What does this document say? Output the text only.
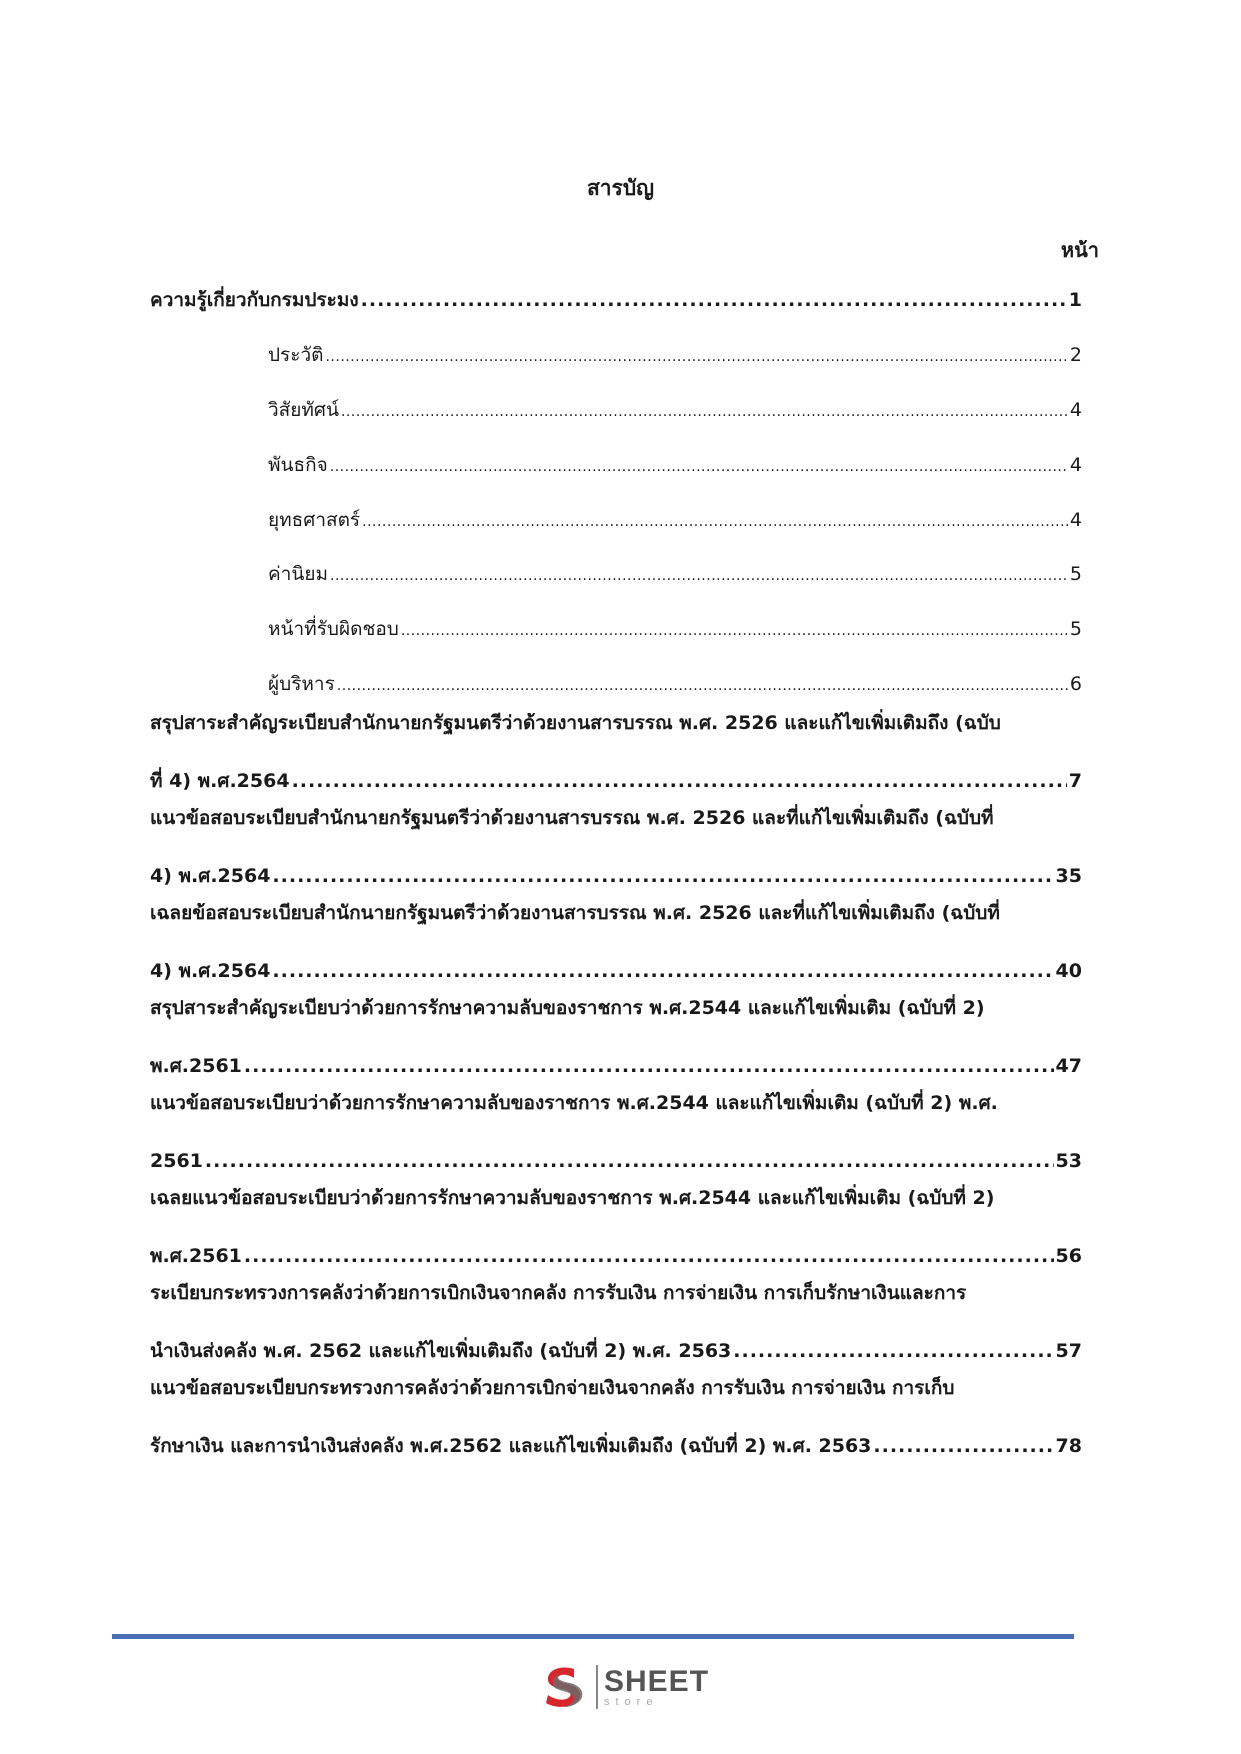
สารบัญ
หน้า
ความรู้เกี่ยวกับกรมประมง .....	1
ประวัติ .....	2
วิสัยทัศน์ .....	4
พันธกิจ .....	4
ยุทธศาสตร์ .....	4
ค่านิยม .....	5
หน้าที่รับผิดชอบ .....	5
ผู้บริหาร .....	6
สรุปสาระสำคัญระเบียบสำนักนายกรัฐมนตรีว่าด้วยงานสารบรรณ พ.ศ. 2526 และแก้ไขเพิ่มเติมถึง (ฉบับ
ที่ 4) พ.ศ.2564 .....	7
แนวข้อสอบระเบียบสำนักนายกรัฐมนตรีว่าด้วยงานสารบรรณ พ.ศ. 2526 และที่แก้ไขเพิ่มเติมถึง (ฉบับที่
4) พ.ศ.2564 .....	35
เฉลยข้อสอบระเบียบสำนักนายกรัฐมนตรีว่าด้วยงานสารบรรณ พ.ศ. 2526 และที่แก้ไขเพิ่มเติมถึง (ฉบับที่
4) พ.ศ.2564 .....	40
สรุปสาระสำคัญระเบียบว่าด้วยการรักษาความลับของราชการ พ.ศ.2544 และแก้ไขเพิ่มเติม (ฉบับที่ 2)
พ.ศ.2561 .....	47
แนวข้อสอบระเบียบว่าด้วยการรักษาความลับของราชการ พ.ศ.2544 และแก้ไขเพิ่มเติม (ฉบับที่ 2) พ.ศ.
2561 .....	53
เฉลยแนวข้อสอบระเบียบว่าด้วยการรักษาความลับของราชการ พ.ศ.2544 และแก้ไขเพิ่มเติม (ฉบับที่ 2)
พ.ศ.2561 .....	56
ระเบียบกระทรวงการคลังว่าด้วยการเบิกเงินจากคลัง การรับเงิน การจ่ายเงิน การเก็บรักษาเงินและการ
นำเงินส่งคลัง พ.ศ. 2562 และแก้ไขเพิ่มเติมถึง (ฉบับที่ 2) พ.ศ. 2563 .....	57
แนวข้อสอบระเบียบกระทรวงการคลังว่าด้วยการเบิกจ่ายเงินจากคลัง การรับเงิน การจ่ายเงิน การเก็บ
รักษาเงิน และการนำเงินส่งคลัง พ.ศ.2562 และแก้ไขเพิ่มเติมถึง (ฉบับที่ 2) พ.ศ. 2563 .....	78
SHEET
store
